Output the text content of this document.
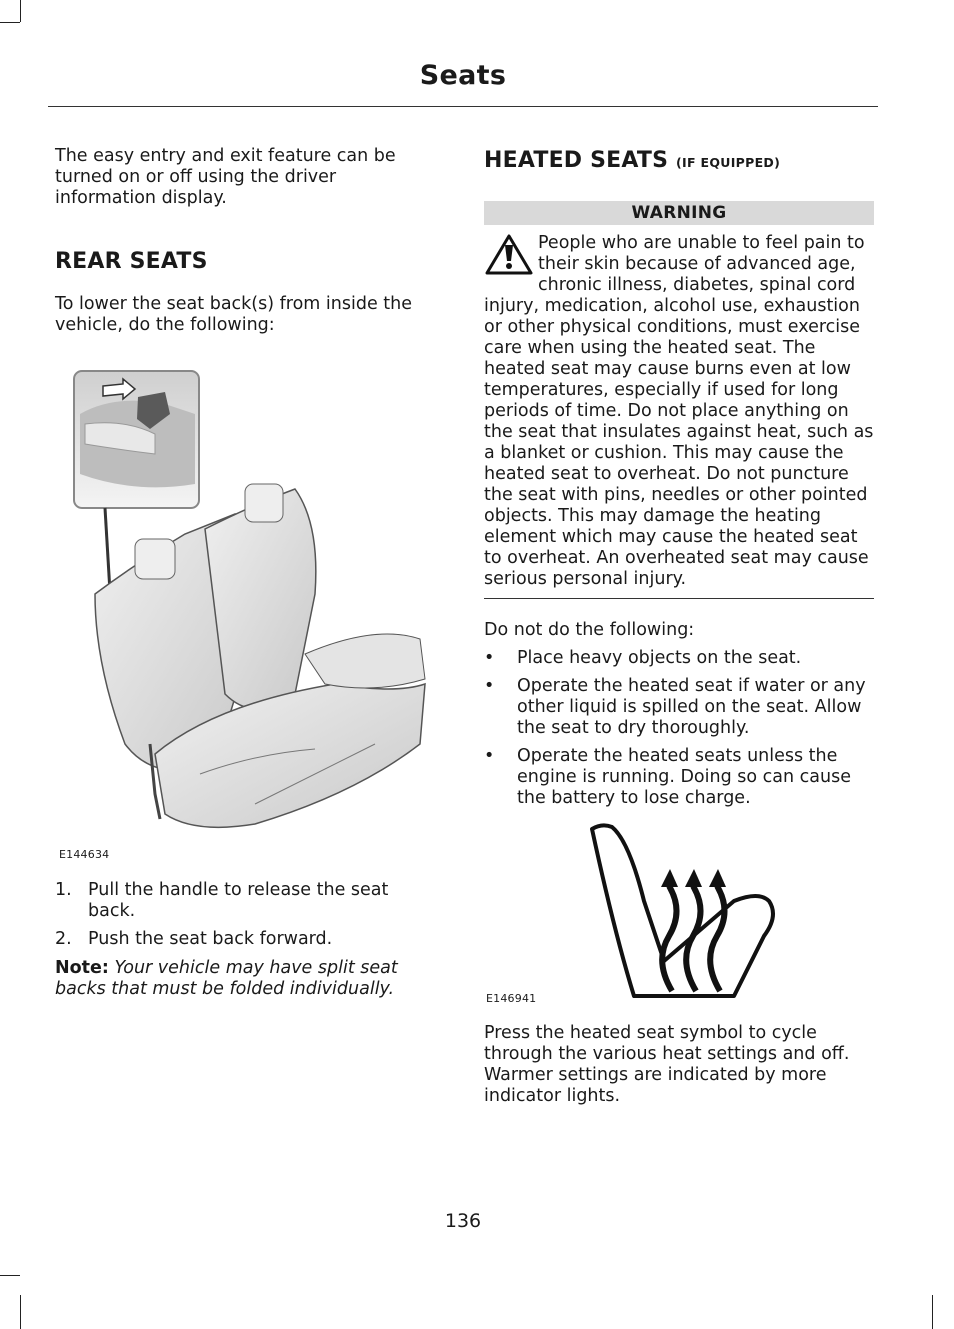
Seats

The easy entry and exit feature can be turned on or off using the driver information display.

REAR SEATS

To lower the seat back(s) from inside the vehicle, do the following:

E144634
1. Pull the handle to release the seat back.
2. Push the seat back forward.

Note: Your vehicle may have split seat backs that must be folded individually.

HEATED SEATS (IF EQUIPPED)
WARNING
People who are unable to feel pain to their skin because of advanced age, chronic illness, diabetes, spinal cord injury, medication, alcohol use, exhaustion or other physical conditions, must exercise care when using the heated seat. The heated seat may cause burns even at low temperatures, especially if used for long periods of time. Do not place anything on the seat that insulates against heat, such as a blanket or cushion. This may cause the heated seat to overheat. Do not puncture the seat with pins, needles or other pointed objects. This may damage the heating element which may cause the heated seat to overheat. An overheated seat may cause serious personal injury.

Do not do the following:

• Place heavy objects on the seat.
• Operate the heated seat if water or any other liquid is spilled on the seat. Allow the seat to dry thoroughly.
• Operate the heated seats unless the engine is running. Doing so can cause the battery to lose charge.
E146941

Press the heated seat symbol to cycle through the various heat settings and off. Warmer settings are indicated by more indicator lights.

136
